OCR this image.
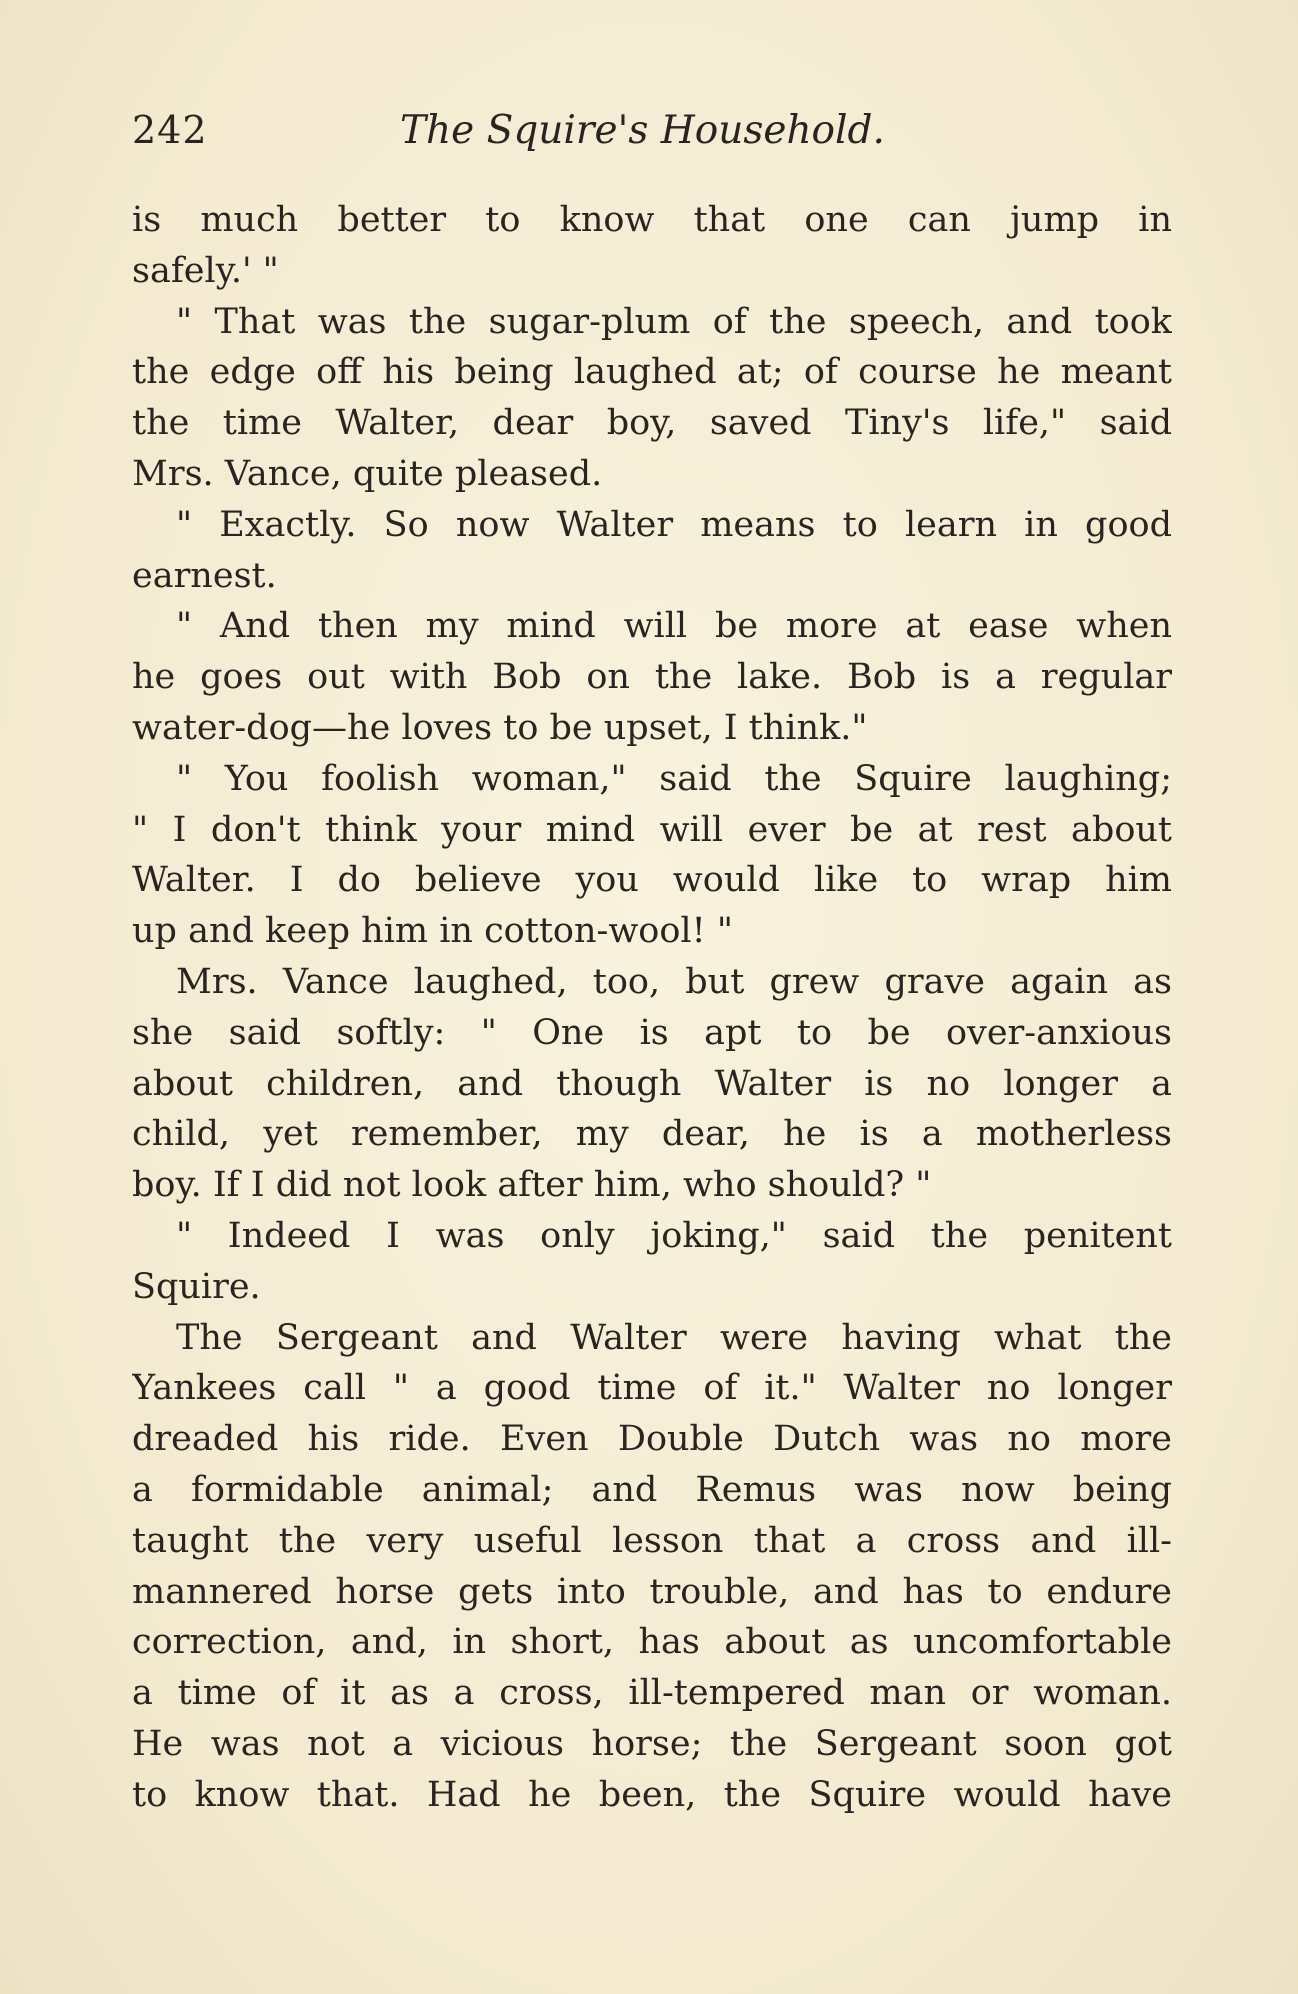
242	The Squire's Household.
is much better to know that one can jump in
safely.' "
" That was the sugar-plum of the speech, and took
the edge off his being laughed at; of course he meant
the time Walter, dear boy, saved Tiny's life," said
Mrs. Vance, quite pleased.
" Exactly. So now Walter means to learn in good
earnest.
" And then my mind will be more at ease when
he goes out with Bob on the lake. Bob is a regular
water-dog—he loves to be upset, I think."
" You foolish woman," said the Squire laughing;
" I don't think your mind will ever be at rest about
Walter. I do believe you would like to wrap him
up and keep him in cotton-wool! "
Mrs. Vance laughed, too, but grew grave again as
she said softly: " One is apt to be over-anxious
about children, and though Walter is no longer a
child, yet remember, my dear, he is a motherless
boy. If I did not look after him, who should? "
" Indeed I was only joking," said the penitent
Squire.
The Sergeant and Walter were having what the
Yankees call " a good time of it." Walter no longer
dreaded his ride. Even Double Dutch was no more
a formidable animal; and Remus was now being
taught the very useful lesson that a cross and ill-
mannered horse gets into trouble, and has to endure
correction, and, in short, has about as uncomfortable
a time of it as a cross, ill-tempered man or woman.
He was not a vicious horse; the Sergeant soon got
to know that. Had he been, the Squire would have
